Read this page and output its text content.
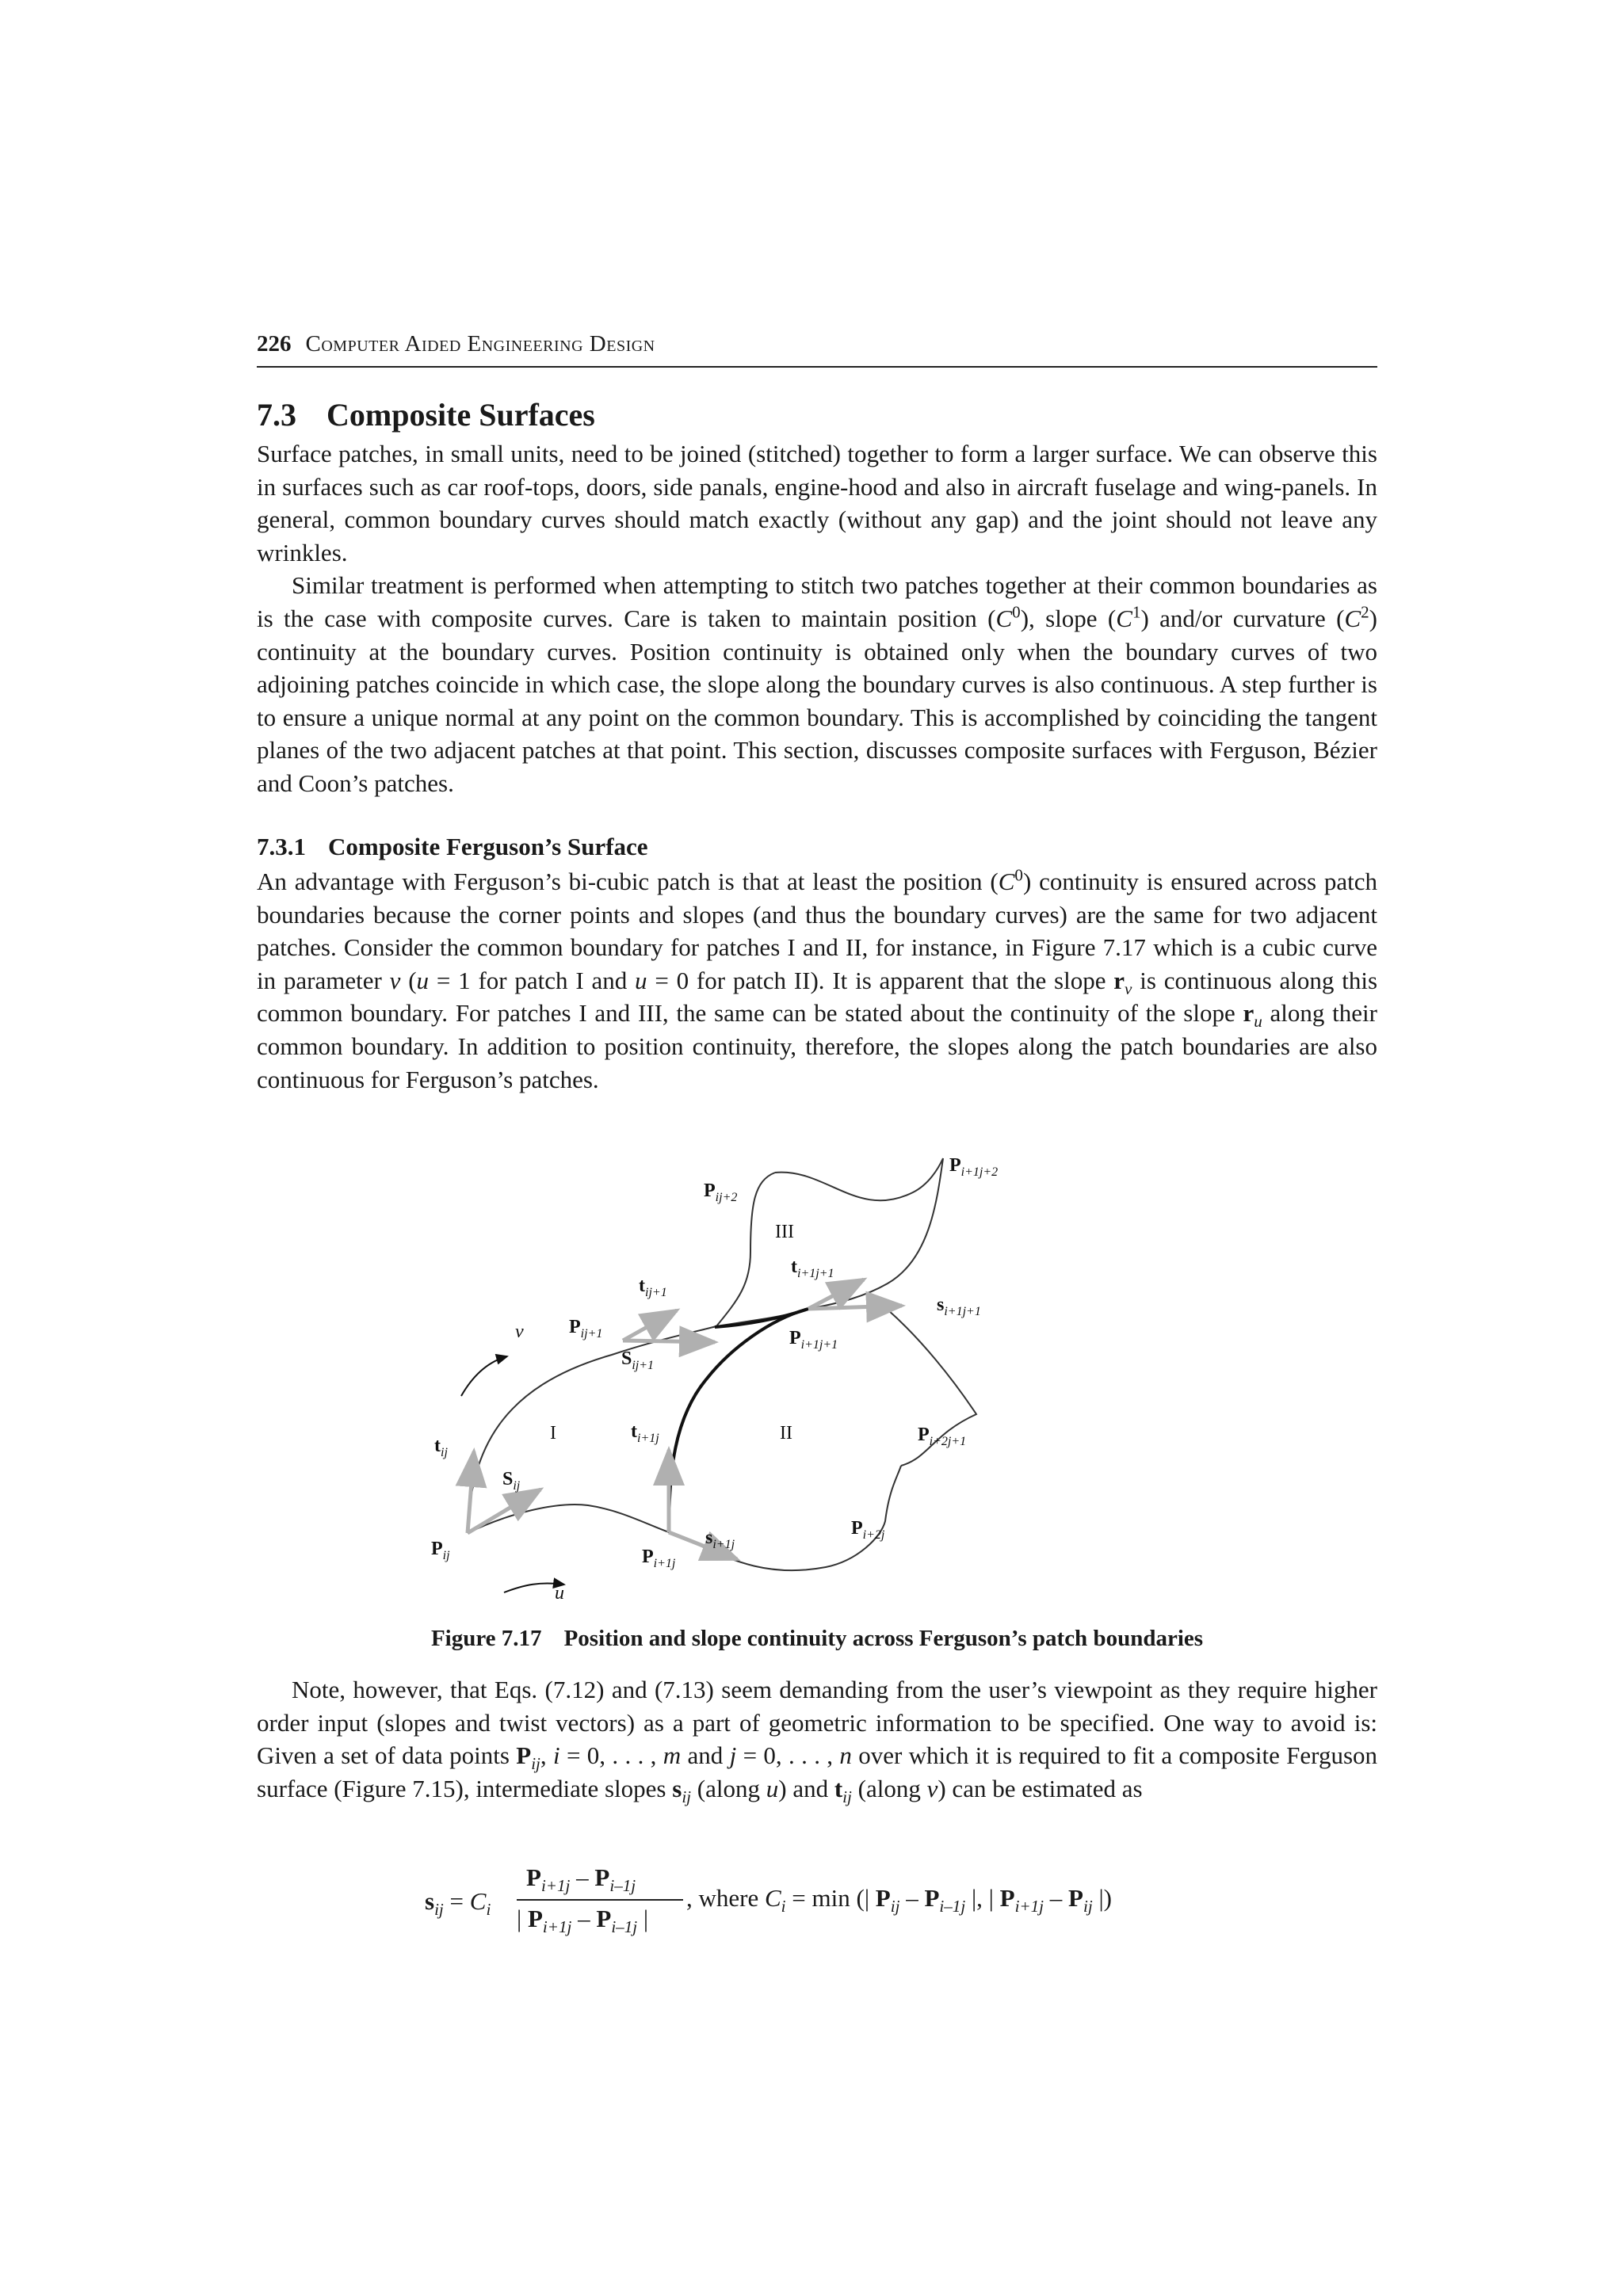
226 Computer Aided Engineering Design
7.3 Composite Surfaces

Surface patches, in small units, need to be joined (stitched) together to form a larger surface. We can observe this in surfaces such as car roof-tops, doors, side panals, engine-hood and also in aircraft fuselage and wing-panels. In general, common boundary curves should match exactly (without any gap) and the joint should not leave any wrinkles.

Similar treatment is performed when attempting to stitch two patches together at their common boundaries as is the case with composite curves. Care is taken to maintain position $(C^0)$, slope $(C^1)$ and/or curvature $(C^2)$ continuity at the boundary curves. Position continuity is obtained only when the boundary curves of two adjoining patches coincide in which case, the slope along the boundary curves is also continuous. A step further is to ensure a unique normal at any point on the common boundary. This is accomplished by coinciding the tangent planes of the two adjacent patches at that point. This section, discusses composite surfaces with Ferguson, Bézier and Coon’s patches.

7.3.1 Composite Ferguson’s Surface

An advantage with Ferguson’s bi-cubic patch is that at least the position $(C^0)$ continuity is ensured across patch boundaries because the corner points and slopes (and thus the boundary curves) are the same for two adjacent patches. Consider the common boundary for patches I and II, for instance, in Figure 7.17 which is a cubic curve in parameter v (u = 1 for patch I and u = 0 for patch II). It is apparent that the slope $r_v$ is continuous along this common boundary. For patches I and III, the same can be stated about the continuity of the slope $r_u$ along their common boundary. In addition to position continuity, therefore, the slopes along the patch boundaries are also continuous for Ferguson’s patches.

$P_{ij+2}$
$P_{i+1j+2}$
III
$t_{ij+1}$
$t_{i+1j+1}$
$s_{i+1j+1}$
v $P_{ij+1}$
$S_{ij+1}$
$P_{i+1j+1}$
I	$t_{i+1j}$	II	$P_{i+2j+1}$
$t_{ij}$
$S_{ij}$
$P_{i+2j}$
$s_{i+1j}$
$P_{ij}$	$P_{i+1j}$
u
Figure 7.17 Position and slope continuity across Ferguson’s patch boundaries

Note, however, that Eqs. (7.12) and (7.13) seem demanding from the user’s viewpoint as they require higher order input (slopes and twist vectors) as a part of geometric information to be specified. One way to avoid is: Given a set of data points $P_{ij}$, i = 0, . . . , m and j = 0, . . . , n over which it is required to fit a composite Ferguson surface (Figure 7.15), intermediate slopes $s_{ij}$ (along u) and $t_{ij}$ (along v) can be estimated as

$s_{ij} = C_i$
$P_{i+1j} - P_{i-1j}$
| $P_{i+1j} - P_{i-1j}$ |
, where $C_i = \min$ (| $P_{ij} - P_{i-1j}$ |, | $P_{i+1j} - P_{ij}$ |)
